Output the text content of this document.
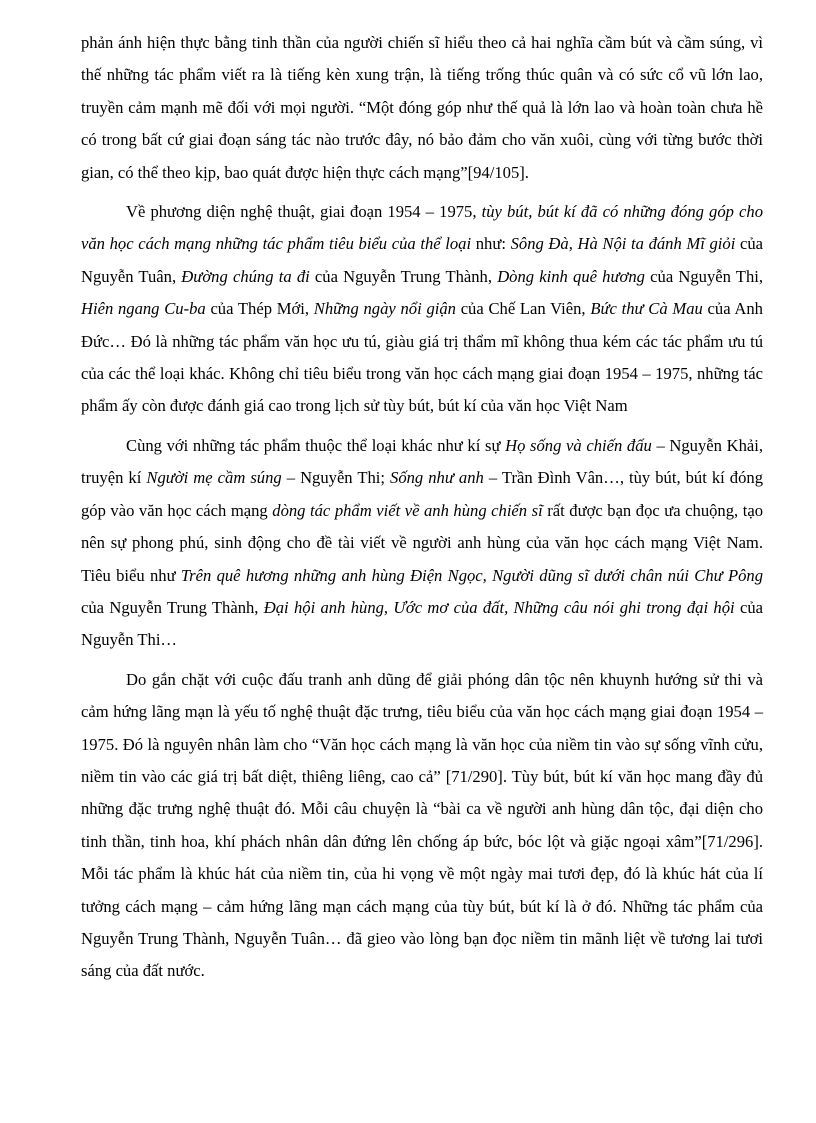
phản ánh hiện thực bằng tinh thần của người chiến sĩ hiểu theo cả hai nghĩa cầm bút và cầm súng, vì thế những tác phẩm viết ra là tiếng kèn xung trận, là tiếng trống thúc quân và có sức cổ vũ lớn lao, truyền cảm mạnh mẽ đối với mọi người. “Một đóng góp như thế quả là lớn lao và hoàn toàn chưa hề có trong bất cứ giai đoạn sáng tác nào trước đây, nó bảo đảm cho văn xuôi, cùng với từng bước thời gian, có thể theo kịp, bao quát được hiện thực cách mạng”[94/105].

Về phương diện nghệ thuật, giai đoạn 1954 – 1975, tùy bút, bút kí đã có những đóng góp cho văn học cách mạng những tác phẩm tiêu biểu của thể loại như: Sông Đà, Hà Nội ta đánh Mĩ giỏi của Nguyễn Tuân, Đường chúng ta đi của Nguyễn Trung Thành, Dòng kinh quê hương của Nguyễn Thi, Hiên ngang Cu-ba của Thép Mới, Những ngày nổi giận của Chế Lan Viên, Bức thư Cà Mau của Anh Đức… Đó là những tác phẩm văn học ưu tú, giàu giá trị thẩm mĩ không thua kém các tác phẩm ưu tú của các thể loại khác. Không chỉ tiêu biểu trong văn học cách mạng giai đoạn 1954 – 1975, những tác phẩm ấy còn được đánh giá cao trong lịch sử tùy bút, bút kí của văn học Việt Nam

Cùng với những tác phẩm thuộc thể loại khác như kí sự Họ sống và chiến đấu – Nguyễn Khải, truyện kí Người mẹ cầm súng – Nguyễn Thi; Sống như anh – Trần Đình Vân…, tùy bút, bút kí đóng góp vào văn học cách mạng dòng tác phẩm viết về anh hùng chiến sĩ rất được bạn đọc ưa chuộng, tạo nên sự phong phú, sinh động cho đề tài viết về người anh hùng của văn học cách mạng Việt Nam. Tiêu biểu như Trên quê hương những anh hùng Điện Ngọc, Người dũng sĩ dưới chân núi Chư Pông của Nguyễn Trung Thành, Đại hội anh hùng, Ước mơ của đất, Những câu nói ghi trong đại hội của Nguyễn Thi…

Do gắn chặt với cuộc đấu tranh anh dũng để giải phóng dân tộc nên khuynh hướng sử thi và cảm hứng lãng mạn là yếu tố nghệ thuật đặc trưng, tiêu biểu của văn học cách mạng giai đoạn 1954 – 1975. Đó là nguyên nhân làm cho “Văn học cách mạng là văn học của niềm tin vào sự sống vĩnh cửu, niềm tin vào các giá trị bất diệt, thiêng liêng, cao cả” [71/290]. Tùy bút, bút kí văn học mang đầy đủ những đặc trưng nghệ thuật đó. Mỗi câu chuyện là “bài ca về người anh hùng dân tộc, đại diện cho tinh thần, tinh hoa, khí phách nhân dân đứng lên chống áp bức, bóc lột và giặc ngoại xâm”[71/296]. Mỗi tác phẩm là khúc hát của niềm tin, của hi vọng về một ngày mai tươi đẹp, đó là khúc hát của lí tưởng cách mạng – cảm hứng lãng mạn cách mạng của tùy bút, bút kí là ở đó. Những tác phẩm của Nguyễn Trung Thành, Nguyễn Tuân… đã gieo vào lòng bạn đọc niềm tin mãnh liệt về tương lai tươi sáng của đất nước.
